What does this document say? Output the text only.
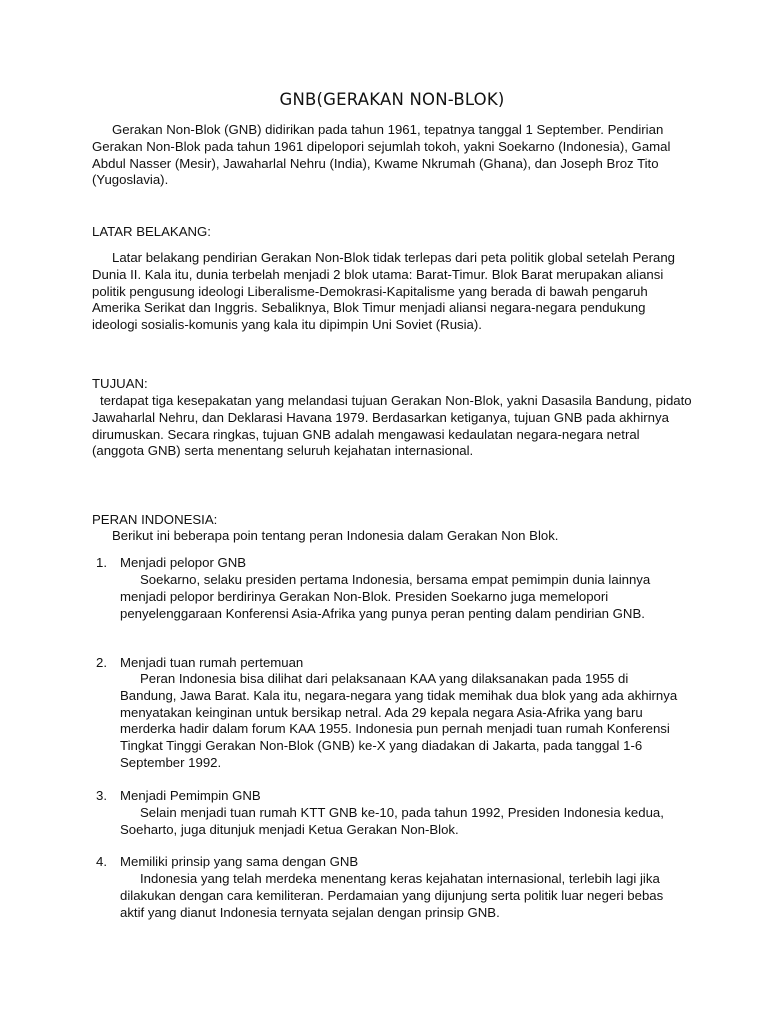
GNB(GERAKAN NON-BLOK)

Gerakan Non-Blok (GNB) didirikan pada tahun 1961, tepatnya tanggal 1 September. Pendirian Gerakan Non-Blok pada tahun 1961 dipelopori sejumlah tokoh, yakni Soekarno (Indonesia), Gamal Abdul Nasser (Mesir), Jawaharlal Nehru (India), Kwame Nkrumah (Ghana), dan Joseph Broz Tito (Yugoslavia).

LATAR BELAKANG:

Latar belakang pendirian Gerakan Non-Blok tidak terlepas dari peta politik global setelah Perang Dunia II. Kala itu, dunia terbelah menjadi 2 blok utama: Barat-Timur. Blok Barat merupakan aliansi politik pengusung ideologi Liberalisme-Demokrasi-Kapitalisme yang berada di bawah pengaruh Amerika Serikat dan Inggris. Sebaliknya, Blok Timur menjadi aliansi negara-negara pendukung ideologi sosialis-komunis yang kala itu dipimpin Uni Soviet (Rusia).

TUJUAN:

terdapat tiga kesepakatan yang melandasi tujuan Gerakan Non-Blok, yakni Dasasila Bandung, pidato Jawaharlal Nehru, dan Deklarasi Havana 1979. Berdasarkan ketiganya, tujuan GNB pada akhirnya dirumuskan. Secara ringkas, tujuan GNB adalah mengawasi kedaulatan negara-negara netral (anggota GNB) serta menentang seluruh kejahatan internasional.

PERAN INDONESIA:

Berikut ini beberapa poin tentang peran Indonesia dalam Gerakan Non Blok.

1. Menjadi pelopor GNB

Soekarno, selaku presiden pertama Indonesia, bersama empat pemimpin dunia lainnya menjadi pelopor berdirinya Gerakan Non-Blok. Presiden Soekarno juga memelopori penyelenggaraan Konferensi Asia-Afrika yang punya peran penting dalam pendirian GNB.

2. Menjadi tuan rumah pertemuan

Peran Indonesia bisa dilihat dari pelaksanaan KAA yang dilaksanakan pada 1955 di Bandung, Jawa Barat. Kala itu, negara-negara yang tidak memihak dua blok yang ada akhirnya menyatakan keinginan untuk bersikap netral. Ada 29 kepala negara Asia-Afrika yang baru merderka hadir dalam forum KAA 1955. Indonesia pun pernah menjadi tuan rumah Konferensi Tingkat Tinggi Gerakan Non-Blok (GNB) ke-X yang diadakan di Jakarta, pada tanggal 1-6 September 1992.

3. Menjadi Pemimpin GNB

Selain menjadi tuan rumah KTT GNB ke-10, pada tahun 1992, Presiden Indonesia kedua, Soeharto, juga ditunjuk menjadi Ketua Gerakan Non-Blok.

4. Memiliki prinsip yang sama dengan GNB

Indonesia yang telah merdeka menentang keras kejahatan internasional, terlebih lagi jika dilakukan dengan cara kemiliteran. Perdamaian yang dijunjung serta politik luar negeri bebas aktif yang dianut Indonesia ternyata sejalan dengan prinsip GNB.
